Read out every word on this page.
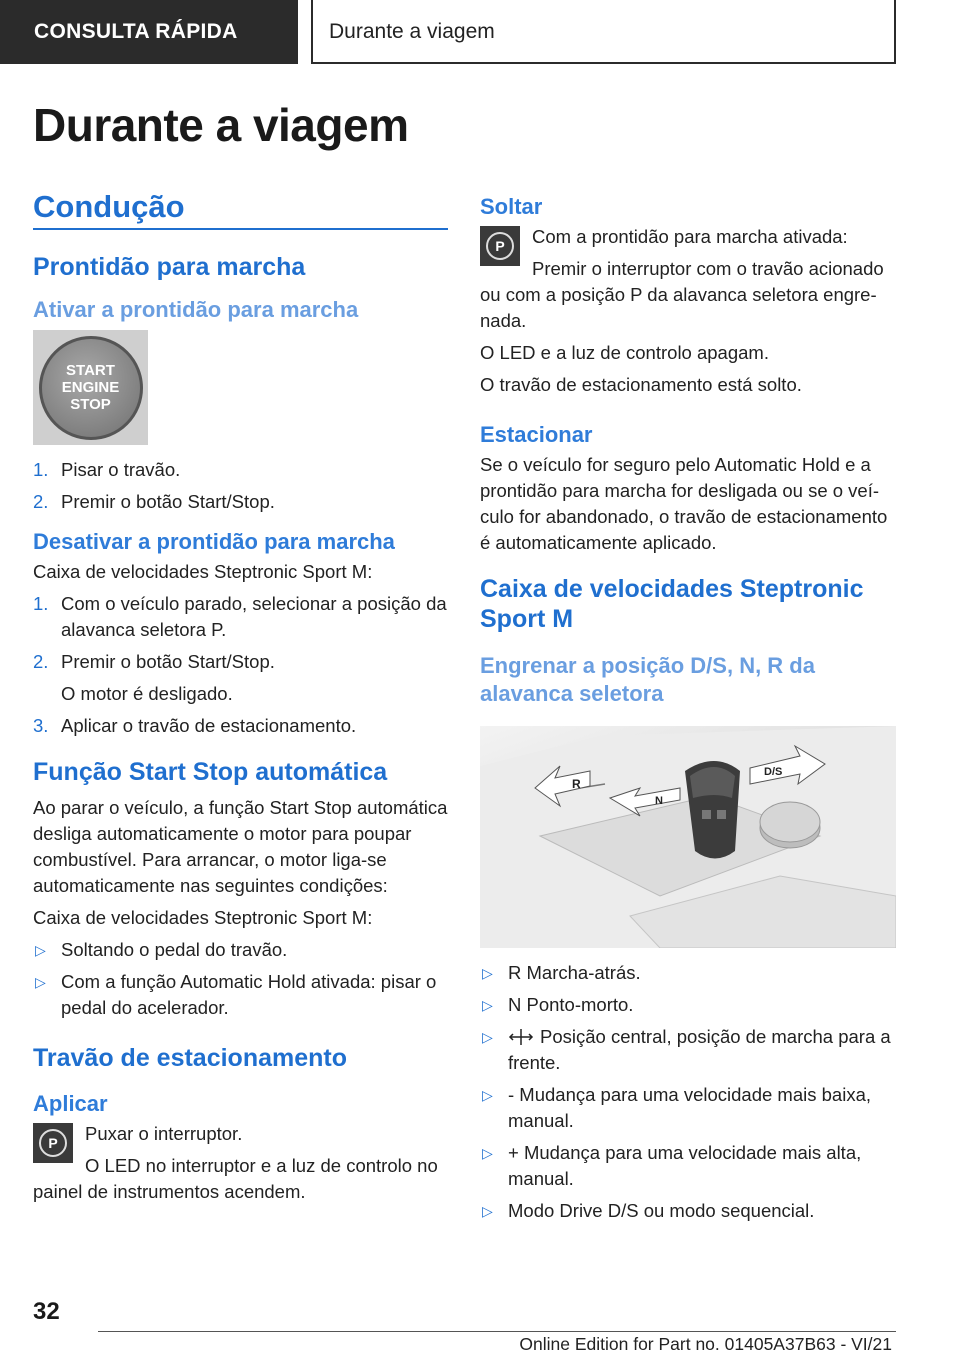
CONSULTA RÁPIDA	Durante a viagem
Durante a viagem
Condução
Prontidão para marcha
Ativar a prontidão para marcha
START
ENGINE
STOP
1. Pisar o travão.
2. Premir o botão Start/Stop.
Desativar a prontidão para marcha

Caixa de velocidades Steptronic Sport M:

1. Com o veículo parado, selecionar a posição da alavanca seletora P.
2. Premir o botão Start/Stop.
O motor é desligado.
3. Aplicar o travão de estacionamento.
Função Start Stop automática

Ao parar o veículo, a função Start Stop automática desliga automaticamente o motor para poupar combustível. Para arrancar, o motor liga-se automaticamente nas seguintes condições:

Caixa de velocidades Steptronic Sport M:

▷ Soltando o pedal do travão.
▷ Com a função Automatic Hold ativada: pisar o pedal do acelerador.
Travão de estacionamento
Aplicar
P	Puxar o interruptor.

O LED no interruptor e a luz de controlo no painel de instrumentos acendem.

Soltar
P	Com a prontidão para marcha ativada:

Premir o interruptor com o travão acionado ou com a posição P da alavanca seletora engrenada.

O LED e a luz de controlo apagam.

O travão de estacionamento está solto.

Estacionar

Se o veículo for seguro pelo Automatic Hold e a prontidão para marcha for desligada ou se o veículo for abandonado, o travão de estacionamento é automaticamente aplicado.

Caixa de velocidades Steptronic Sport M
Engrenar a posição D/S, N, R da alavanca seletora
R
N
D/S
▷ R Marcha-atrás.
▷ N Ponto-morto.
▷	Posição central, posição de marcha para a frente.
▷ - Mudança para uma velocidade mais baixa, manual.
▷ + Mudança para uma velocidade mais alta, manual.
▷ Modo Drive D/S ou modo sequencial.
32
Online Edition for Part no. 01405A37B63 - VI/21
